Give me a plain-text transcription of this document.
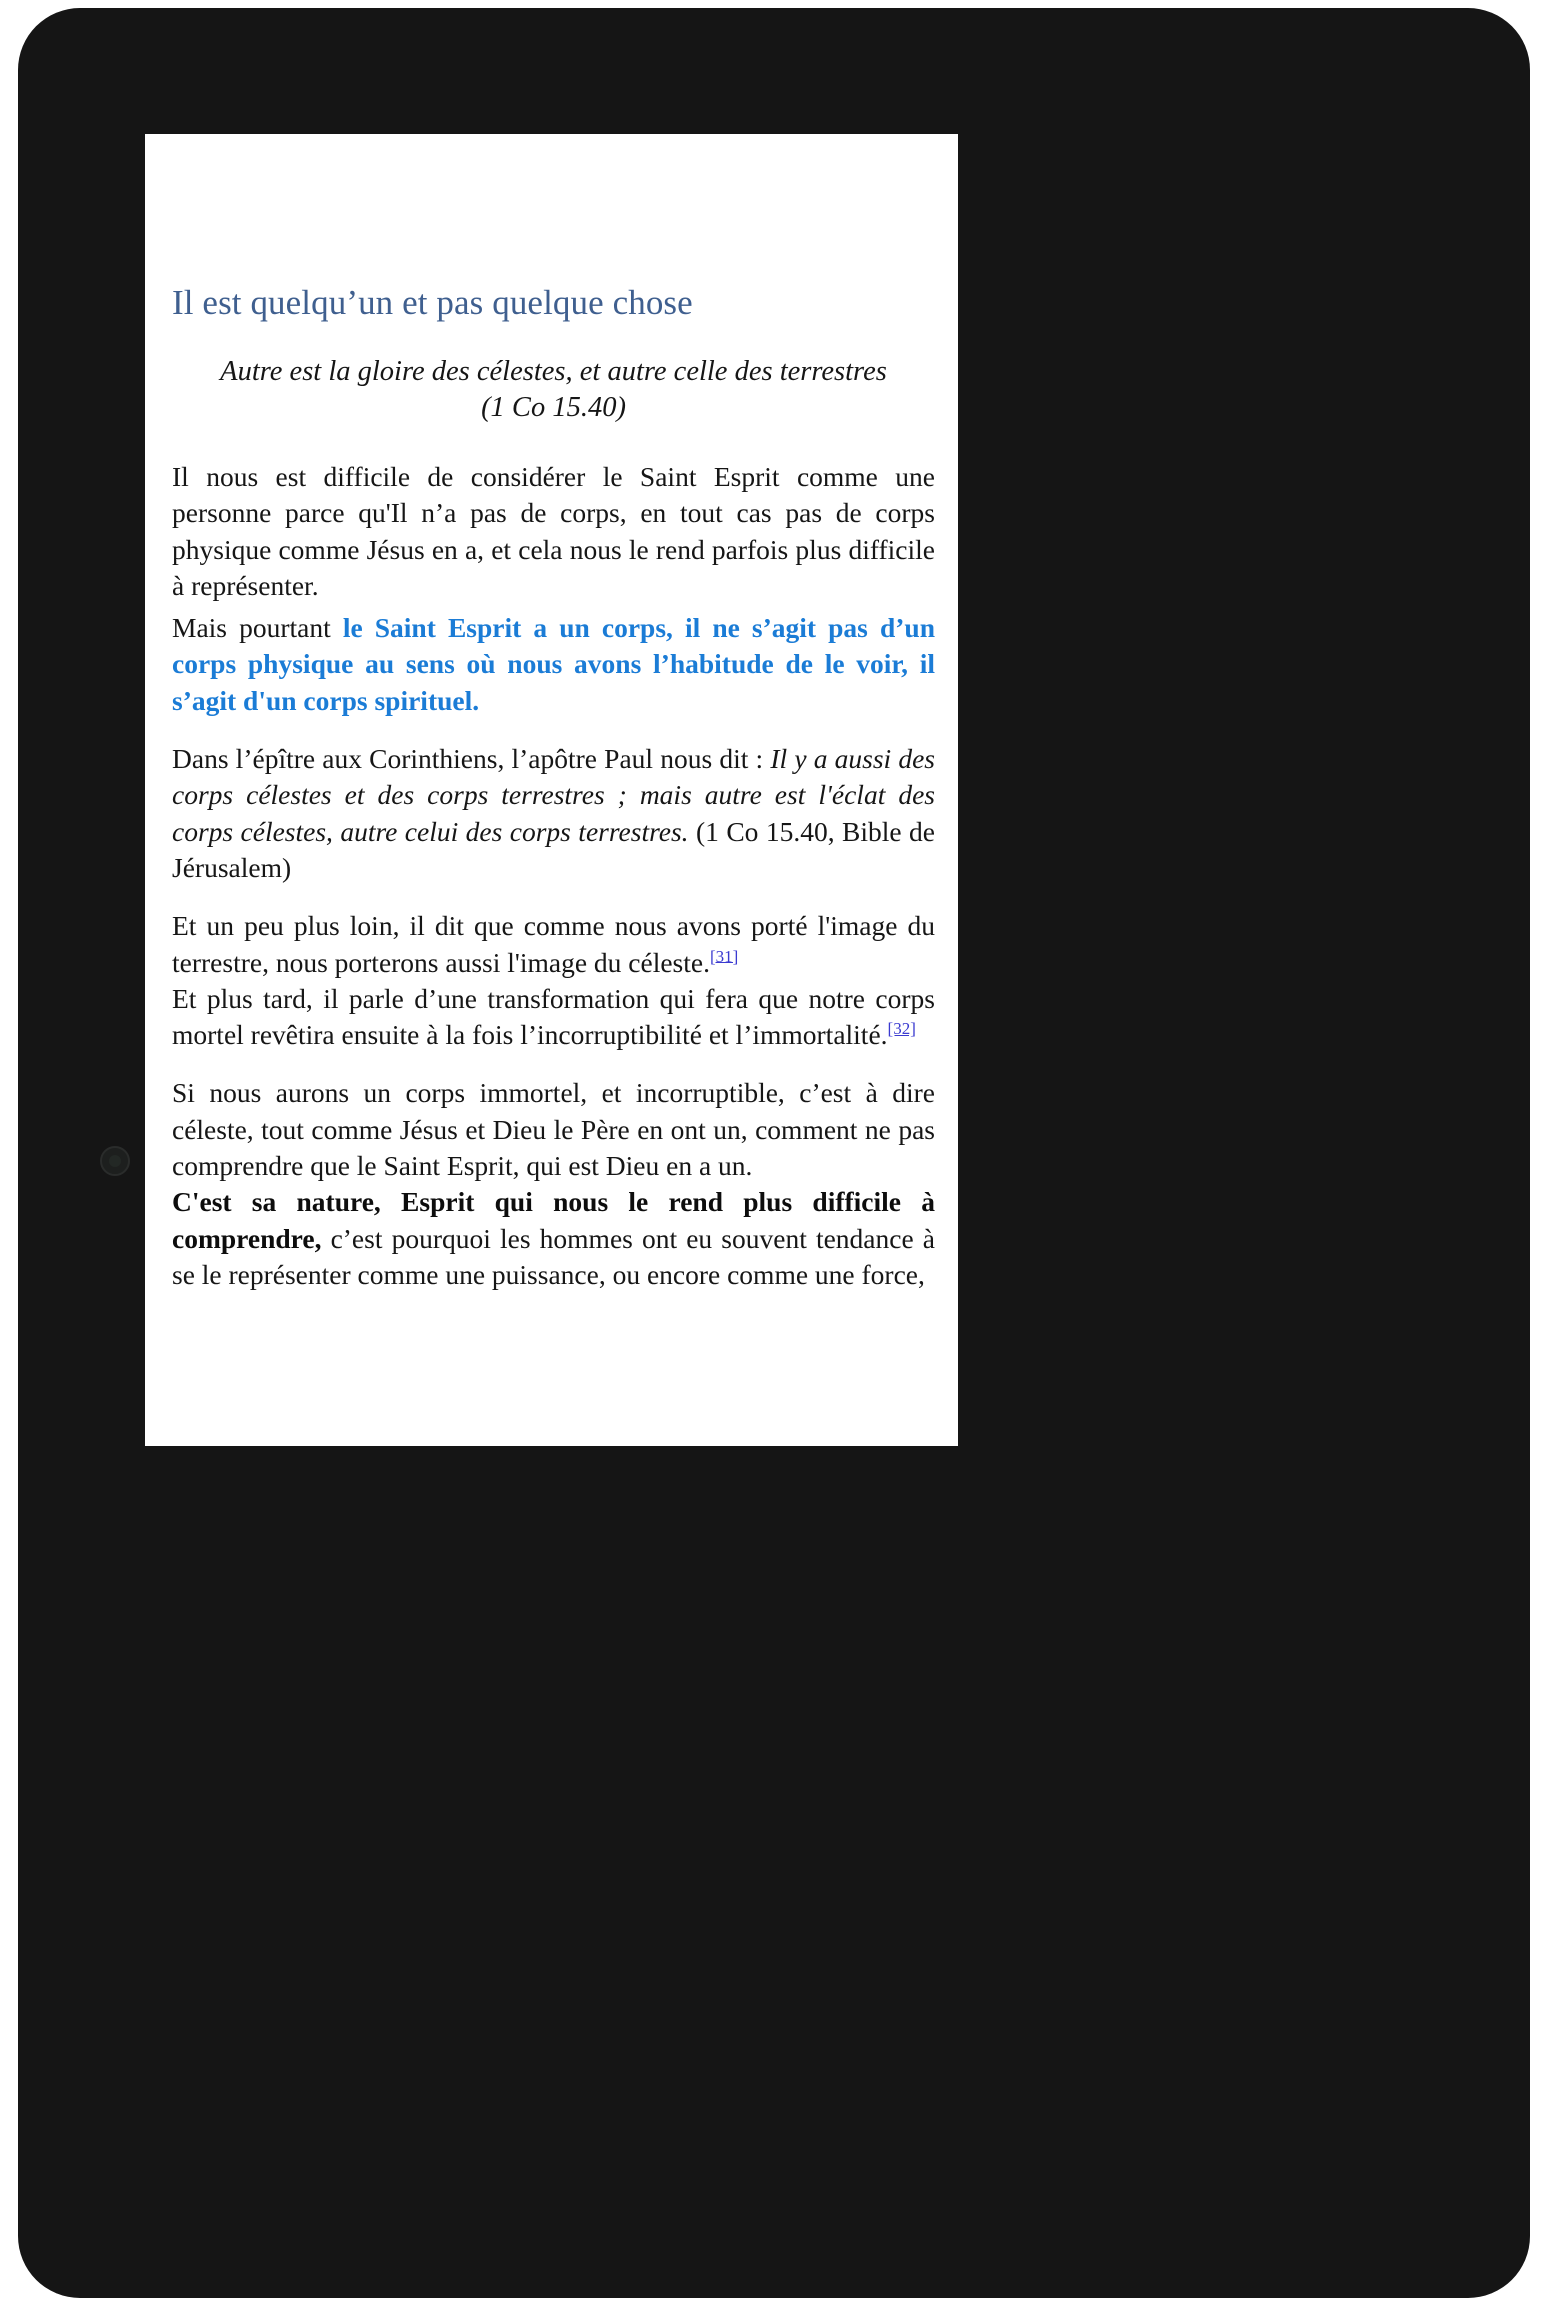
Il est quelqu’un et pas quelque chose
Autre est la gloire des célestes, et autre celle des terrestres
(1 Co 15.40)

Il nous est difficile de considérer le Saint Esprit comme une personne parce qu'Il n’a pas de corps, en tout cas pas de corps physique comme Jésus en a, et cela nous le rend parfois plus difficile à représenter.

Mais pourtant le Saint Esprit a un corps, il ne s’agit pas d’un corps physique au sens où nous avons l’habitude de le voir, il s’agit d'un corps spirituel.

Dans l’épître aux Corinthiens, l’apôtre Paul nous dit : Il y a aussi des corps célestes et des corps terrestres ; mais autre est l'éclat des corps célestes, autre celui des corps terrestres. (1 Co 15.40, Bible de Jérusalem)

Et un peu plus loin, il dit que comme nous avons porté l'image du terrestre, nous porterons aussi l'image du céleste.[31]

Et plus tard, il parle d’une transformation qui fera que notre corps mortel revêtira ensuite à la fois l’incorruptibilité et l’immortalité.[32]

Si nous aurons un corps immortel, et incorruptible, c’est à dire céleste, tout comme Jésus et Dieu le Père en ont un, comment ne pas comprendre que le Saint Esprit, qui est Dieu en a un.

C'est sa nature, Esprit qui nous le rend plus difficile à comprendre, c’est pourquoi les hommes ont eu souvent tendance à se le représenter comme une puissance, ou encore comme une force,
